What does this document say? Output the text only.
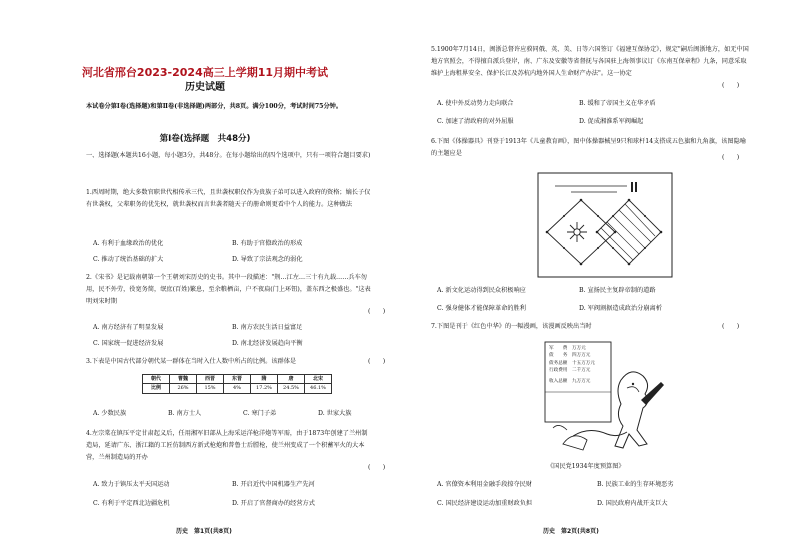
河北省邢台2023-2024高三上学期11月期中考试
历史试题
本试卷分第Ⅰ卷(选择题)和第Ⅱ卷(非选择题)两部分，共8页。满分100分，考试时间75分钟。
第Ⅰ卷(选择题　共48分)
一、选择题(本题共16小题，每小题3分，共48分。在每小题给出的四个选项中，只有一项符合题目要求)
1.西周时期，绝大多数官职世代相传承三代，且世袭权职仅作为贵族子弟可以进入政府的资格；嫡长子仅有世袭权，父辈职务的优先权，就世袭权而言世袭者随天子的册命则更看中个人的能力。这种做法
A. 有利于血缘政治的优化	B. 有助于官僚政治的形成
C. 推动了统治基础的扩大	D. 导致了宗法观念的弱化
2.《宋书》是记载南朝第一个王朝刘宋历史的史书。其中一段描述："荆…江左…三十有九载……兵车勿用，民不外劳，役宽务简，氓庶(百姓)繁息，至余粮栖亩，户不夜扃(门上环钮)，盖东西之极盛也。"这表明刘宋时期
(　　)
A. 南方经济有了明显发展	B. 南方农民生活日益富足
C. 国家统一促进经济发展	D. 南北经济发展趋向平衡
3.下表是中国古代部分朝代某一群体在当时入仕人数中所占的比例。该群体是	(　　)
朝代	曹魏	西晋	东晋	隋	唐	北宋
比例	26%	15%	4%	17.2%	24.5%	46.1%
A. 少数民族	B. 南方士人	C. 寒门子弟	D. 世家大族
4.左宗棠在镇压平定甘肃起义后，任用湘军旧部从上海采运洋枪洋炮等军需，由于1873年创建了兰州制造局，延请广东、浙江籍的工匠仿制西方新式枪炮和普鲁士后膛枪，使兰州变成了一个积蓄军火的大本营，兰州制造局的开办
(　　)
A. 致力于镇压太平天国运动	B. 开启近代中国机器生产先河
C. 有利于平定西北边疆危机	D. 开启了官督商办的经营方式
历史　第1页(共8页)
5.1900年7月14日，闽浙总督许应骙同俄、英、美、日等六国签订《福建互保协定》，规定"嗣后闽浙地方，如无中国地方官照会，不得擅自派兵登岸，南、广东及安徽等省督抚与各国驻上海领事议订《东南互保章程》九条，同意采取维护上海租界安全、保护长江及苏杭内地外国人生命财产办法"。这一协定
(　　)
A. 使中外反动势力走向联合	B. 缓和了帝国主义在华矛盾
C. 加速了清政府的对外屈服	D. 促成湘淮系军阀崛起
6.下图《体操器具》刊登于1913年《儿童教育画》，图中体操器械呈9只和球杆14支搭成五色旗和九角旗，该图隐喻的主题应是
(　　)
A. 新文化运动得到民众积极响应	B. 宣扬民主复辟帝制的道路
C. 强身健体才能保障革命的胜利	D. 军阀割据造成政治分崩离析
7.下图是刊于《红色中华》的一幅漫画，该漫画反映出当时	(　　)
军　　费　 万万元
债　　务　 四万万元
债务总额　 十五万万元
行政费用　 二千万元
收入总额　 九万万元
《国民党1934年度预算图》
A. 官僚资本利用金融手段掠夺民财	B. 民族工业的生存环境恶劣
C. 国民经济建设运动加重财政负担	D. 国民政府内战开支巨大
历史　第2页(共8页)
